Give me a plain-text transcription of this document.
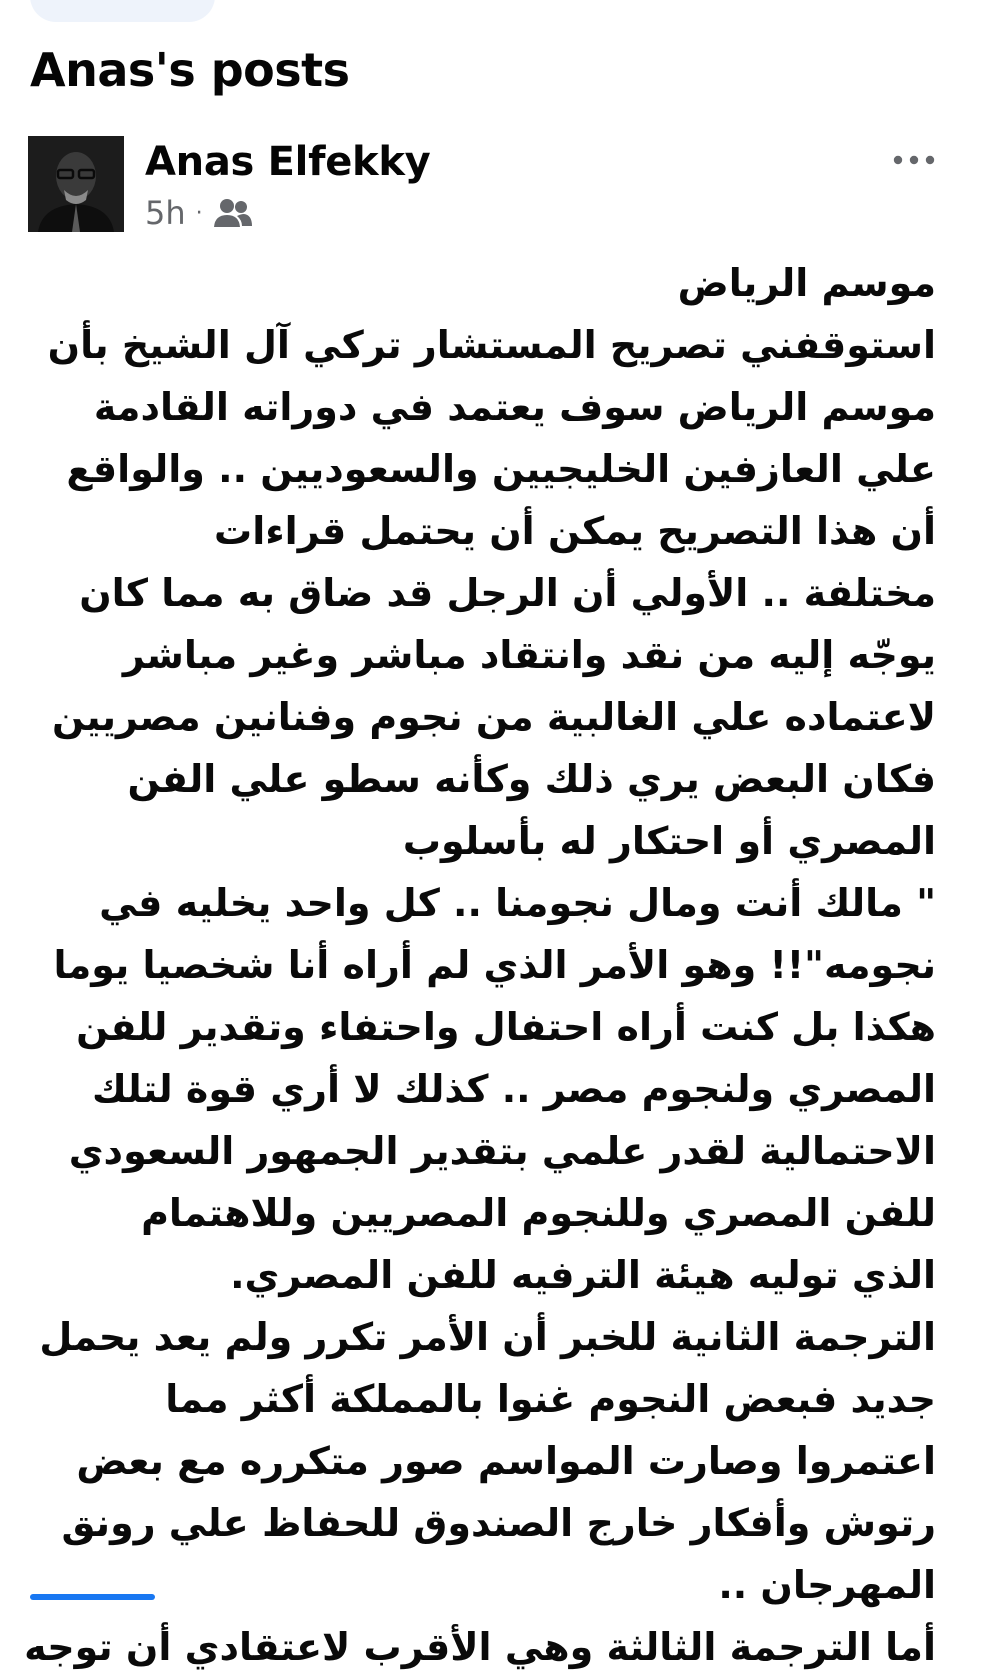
Anas's posts
Anas Elfekky
5h ·
موسم الرياض
استوقفني تصريح المستشار تركي آل الشيخ بأن
موسم الرياض سوف يعتمد في دوراته القادمة
علي العازفين الخليجيين والسعوديين .. والواقع
أن هذا التصريح يمكن أن يحتمل قراءات
مختلفة .. الأولي أن الرجل قد ضاق به مما كان
يوجّه إليه من نقد وانتقاد مباشر وغير مباشر
لاعتماده علي الغالبية من نجوم وفنانين مصريين
فكان البعض يري ذلك وكأنه سطو علي الفن
المصري أو احتكار له بأسلوب
" مالك أنت ومال نجومنا .. كل واحد يخليه في
نجومه"!! وهو الأمر الذي لم أراه أنا شخصيا يوما
هكذا بل كنت أراه احتفال واحتفاء وتقدير للفن
المصري ولنجوم مصر .. كذلك لا أري قوة لتلك
الاحتمالية لقدر علمي بتقدير الجمهور السعودي
للفن المصري وللنجوم المصريين وللاهتمام
الذي توليه هيئة الترفيه للفن المصري.
الترجمة الثانية للخبر أن الأمر تكرر ولم يعد يحمل
جديد فبعض النجوم غنوا بالمملكة أكثر مما
اعتمروا وصارت المواسم صور متكرره مع بعض
رتوش وأفكار خارج الصندوق للحفاظ علي رونق
المهرجان ..
أما الترجمة الثالثة وهي الأقرب لاعتقادي أن توجه
